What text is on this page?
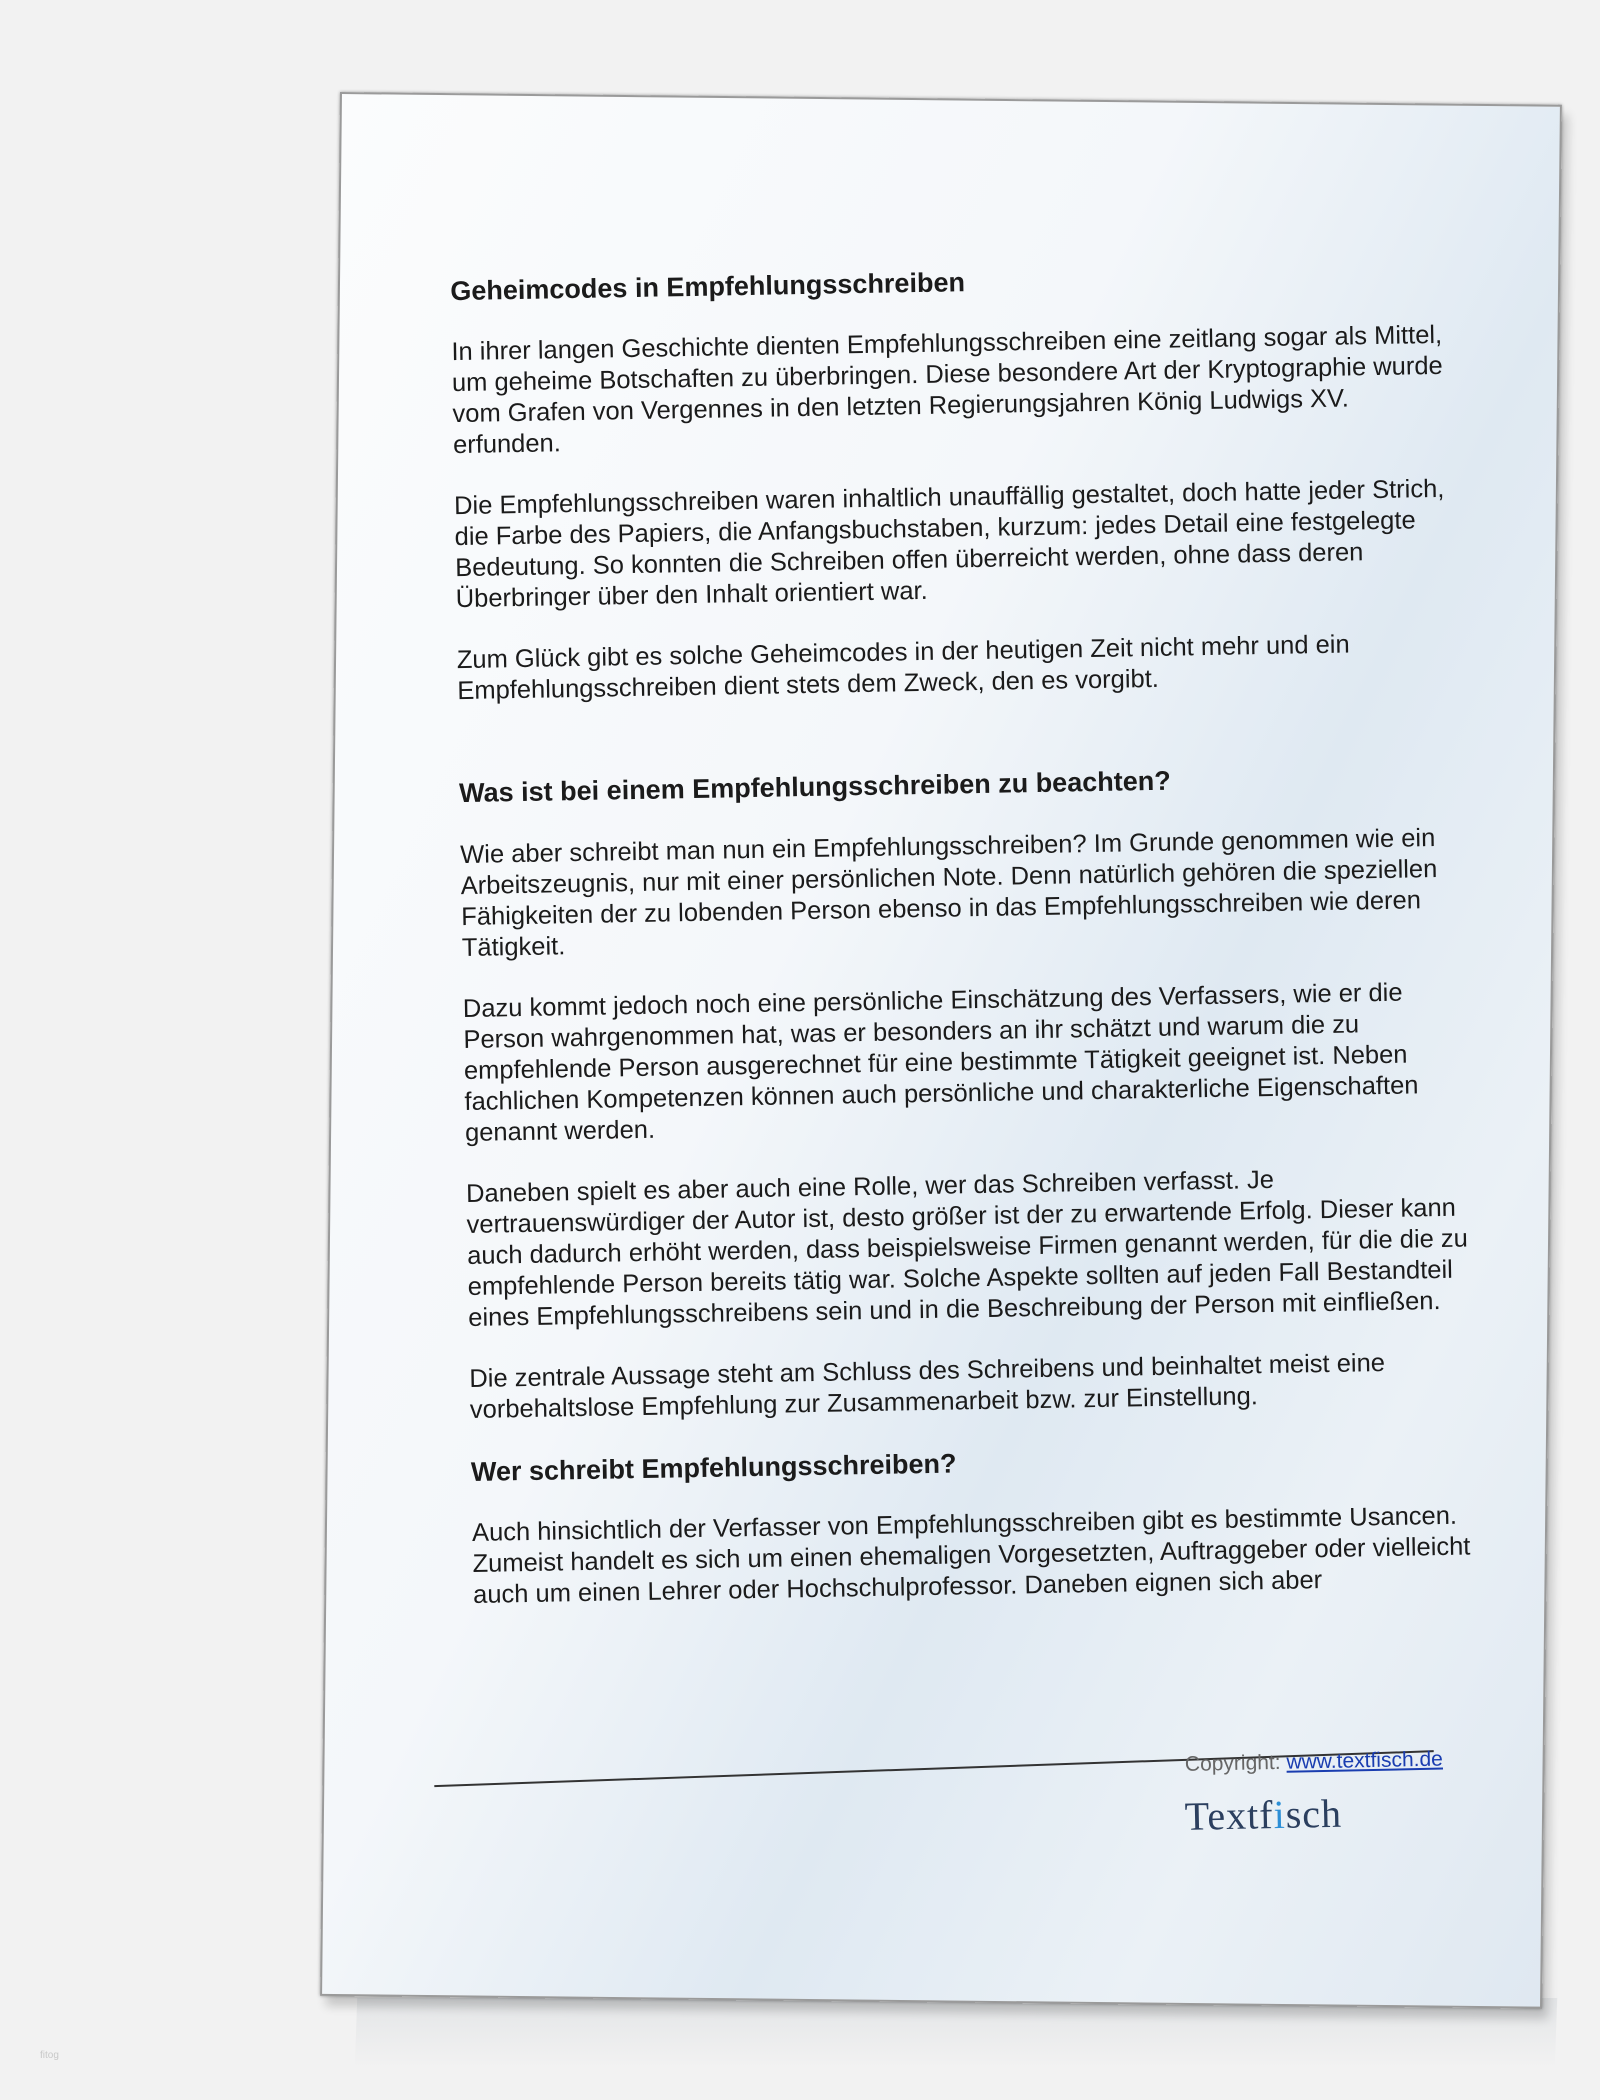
Geheimcodes in Empfehlungsschreiben

In ihrer langen Geschichte dienten Empfehlungsschreiben eine zeitlang sogar als Mittel, um geheime Botschaften zu überbringen. Diese besondere Art der Kryptographie wurde vom Grafen von Vergennes in den letzten Regierungsjahren König Ludwigs XV. erfunden.

Die Empfehlungsschreiben waren inhaltlich unauffällig gestaltet, doch hatte jeder Strich, die Farbe des Papiers, die Anfangsbuchstaben, kurzum: jedes Detail eine festgelegte Bedeutung. So konnten die Schreiben offen überreicht werden, ohne dass deren Überbringer über den Inhalt orientiert war.

Zum Glück gibt es solche Geheimcodes in der heutigen Zeit nicht mehr und ein Empfehlungsschreiben dient stets dem Zweck, den es vorgibt.

Was ist bei einem Empfehlungsschreiben zu beachten?

Wie aber schreibt man nun ein Empfehlungsschreiben? Im Grunde genommen wie ein Arbeitszeugnis, nur mit einer persönlichen Note. Denn natürlich gehören die speziellen Fähigkeiten der zu lobenden Person ebenso in das Empfehlungsschreiben wie deren Tätigkeit.

Dazu kommt jedoch noch eine persönliche Einschätzung des Verfassers, wie er die Person wahrgenommen hat, was er besonders an ihr schätzt und warum die zu empfehlende Person ausgerechnet für eine bestimmte Tätigkeit geeignet ist. Neben fachlichen Kompetenzen können auch persönliche und charakterliche Eigenschaften genannt werden.

Daneben spielt es aber auch eine Rolle, wer das Schreiben verfasst. Je vertrauenswürdiger der Autor ist, desto größer ist der zu erwartende Erfolg. Dieser kann auch dadurch erhöht werden, dass beispielsweise Firmen genannt werden, für die die zu empfehlende Person bereits tätig war. Solche Aspekte sollten auf jeden Fall Bestandteil eines Empfehlungsschreibens sein und in die Beschreibung der Person mit einfließen.

Die zentrale Aussage steht am Schluss des Schreibens und beinhaltet meist eine vorbehaltslose Empfehlung zur Zusammenarbeit bzw. zur Einstellung.

Wer schreibt Empfehlungsschreiben?

Auch hinsichtlich der Verfasser von Empfehlungsschreiben gibt es bestimmte Usancen. Zumeist handelt es sich um einen ehemaligen Vorgesetzten, Auftraggeber oder vielleicht auch um einen Lehrer oder Hochschulprofessor. Daneben eignen sich aber

Copyright: www.textfisch.de
Textfisch
fitog
